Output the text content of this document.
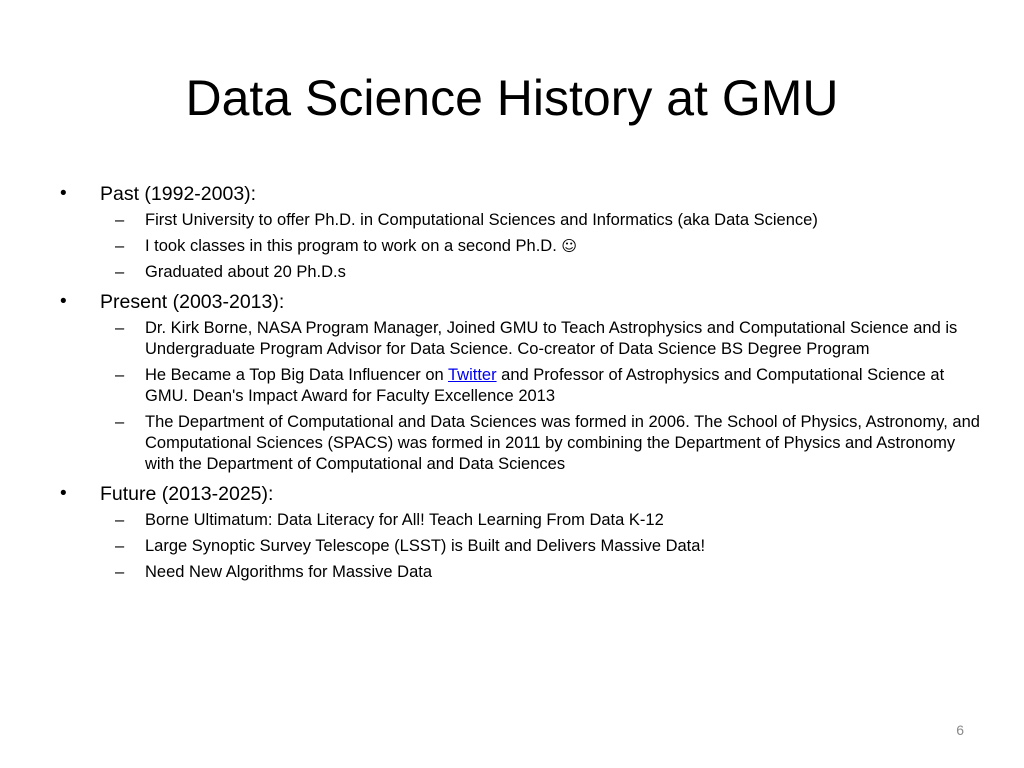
Data Science History at GMU
• Past (1992-2003):
– First University to offer Ph.D. in Computational Sciences and Informatics (aka Data Science)
– I took classes in this program to work on a second Ph.D. ☺
– Graduated about 20 Ph.D.s
• Present (2003-2013):
– Dr. Kirk Borne, NASA Program Manager, Joined GMU to Teach Astrophysics and Computational Science and is Undergraduate Program Advisor for Data Science. Co-creator of Data Science BS Degree Program
– He Became a Top Big Data Influencer on Twitter and Professor of Astrophysics and Computational Science at GMU. Dean's Impact Award for Faculty Excellence 2013
– The Department of Computational and Data Sciences was formed in 2006. The School of Physics, Astronomy, and Computational Sciences (SPACS) was formed in 2011 by combining the Department of Physics and Astronomy with the Department of Computational and Data Sciences
• Future (2013-2025):
– Borne Ultimatum: Data Literacy for All! Teach Learning From Data K-12
– Large Synoptic Survey Telescope (LSST) is Built and Delivers Massive Data!
– Need New Algorithms for Massive Data
6
